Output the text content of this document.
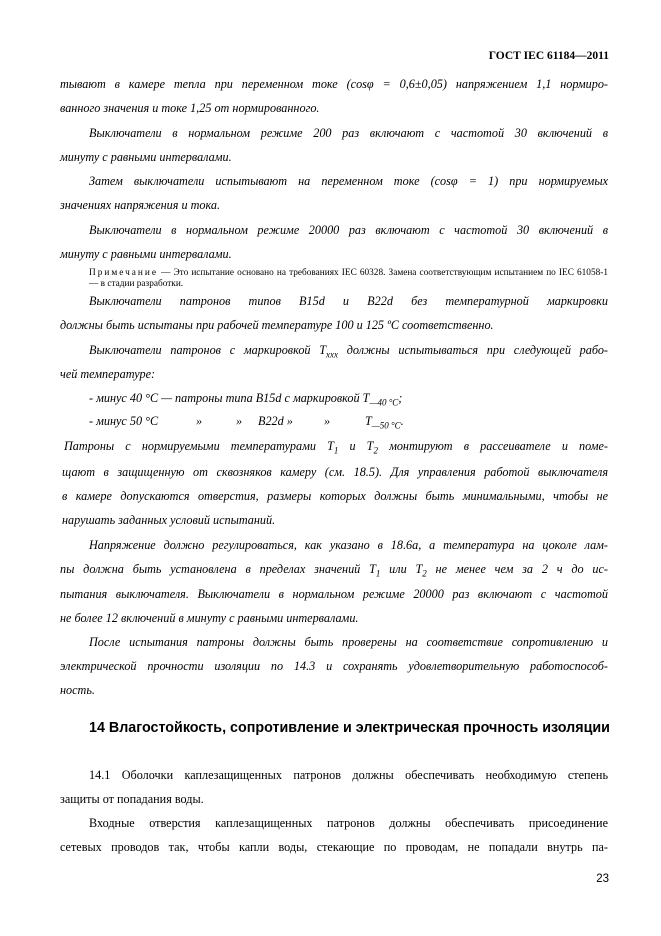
ГОСТ IEC 61184—2011
тывают в камере тепла при переменном токе (cosφ = 0,6±0,05) напряжением 1,1 нормиро-
ванного значения и токе 1,25 от нормированного.
Выключатели в нормальном режиме 200 раз включают с частотой 30 включений в
минуту с равными интервалами.
Затем выключатели испытывают на переменном токе (cosφ = 1) при нормируемых
значениях напряжения и тока.
Выключатели в нормальном режиме 20000 раз включают с частотой 30 включений в
минуту с равными интервалами.
Примечание — Это испытание основано на требованиях IEC 60328. Замена соответствующим испытанием по IEC 61058-1 — в стадии разработки.
Выключатели патронов типов B15d и B22d без температурной маркировки
должны быть испытаны при рабочей температуре 100 и 125 ºC соответственно.
Выключатели патронов с маркировкой $T_{xxx}$ должны испытываться при следующей рабо-
чей температуре:
- минус 40 °C — патроны типа B15d с маркировкой $T_{—40 ^\circ C}$;
- минус 50 °C	»	» B22d »	»	$T_{—50 ^\circ C}$.
Патроны с нормируемыми температурами $T_1$ и $T_2$ монтируют в рассеивателе и поме-
щают в защищенную от сквозняков камеру (см. 18.5). Для управления работой выключателя
в камере допускаются отверстия, размеры которых должны быть минимальными, чтобы не
нарушать заданных условий испытаний.
Напряжение должно регулироваться, как указано в 18.6а, а температура на цоколе лам-
пы должна быть установлена в пределах значений $T_1$ или $T_2$ не менее чем за 2 ч до ис-
пытания выключателя. Выключатели в нормальном режиме 20000 раз включают с частотой
не более 12 включений в минуту с равными интервалами.
После испытания патроны должны быть проверены на соответствие сопротивлению и
электрической прочности изоляции по 14.3 и сохранять удовлетворительную работоспособ-
ность.
14 Влагостойкость, сопротивление и электрическая прочность изоляции
14.1 Оболочки каплезащищенных патронов должны обеспечивать необходимую степень
защиты от попадания воды.
Входные отверстия каплезащищенных патронов должны обеспечивать присоединение
сетевых проводов так, чтобы капли воды, стекающие по проводам, не попадали внутрь па-
23
